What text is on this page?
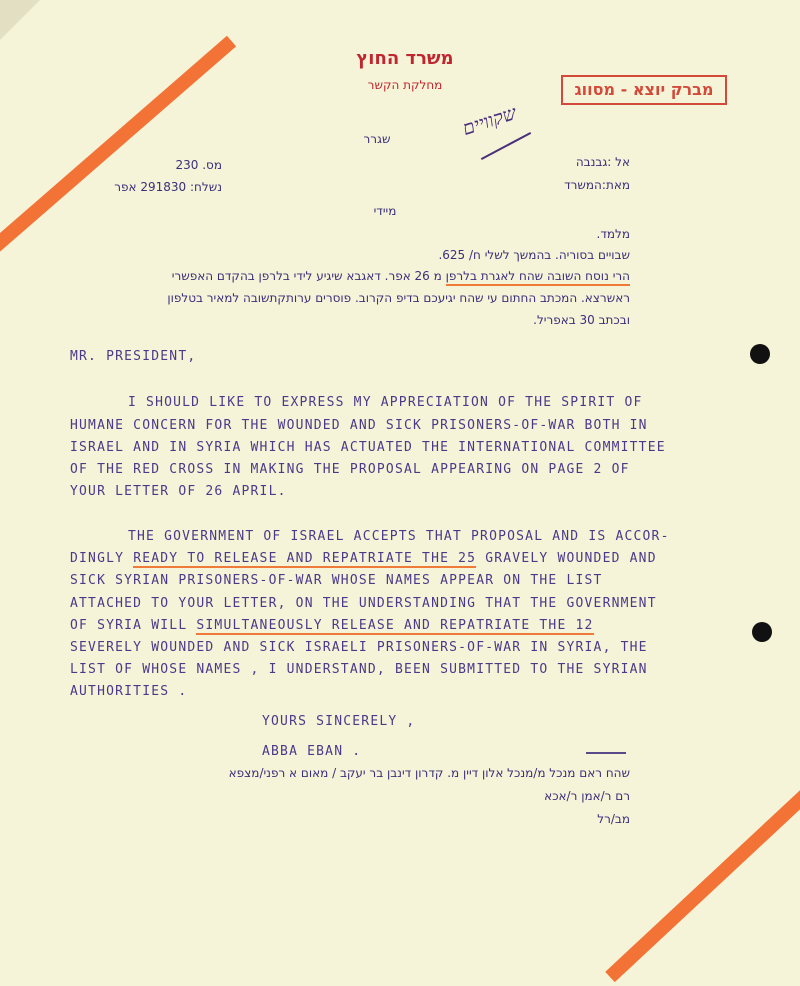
משרד החוץ
מחלקת הקשר	מברק יוצא - מסווג
שקוויים
שגרר
אל :גבנבה
מאת:המשרד
מס. 230
נשלח: 291830 אפר
מיידי
מלמד.
שבויים בסוריה. בהמשך לשלי ח/ 625.
הרי נוסח השובה שהח לאגרת בלרפן מ 26 אפר. דאגבא שיגיע לידי בלרפן בהקדם האפשרי
ראשרצא. המכתב החתום עי שהח יגיעכם בדיפ הקרוב. פוסרים ערותקתשובה למאיר בטלפון
ובכתב 30 באפריל.
MR. PRESIDENT,
I SHOULD LIKE TO EXPRESS MY APPRECIATION OF THE SPIRIT OF
HUMANE CONCERN FOR THE WOUNDED AND SICK PRISONERS-OF-WAR BOTH IN
ISRAEL AND IN SYRIA WHICH HAS ACTUATED THE INTERNATIONAL COMMITTEE
OF THE RED CROSS IN MAKING THE PROPOSAL APPEARING ON PAGE 2 OF
YOUR LETTER OF 26 APRIL.
THE GOVERNMENT OF ISRAEL ACCEPTS THAT PROPOSAL AND IS ACCOR-
DINGLY READY TO RELEASE AND REPATRIATE THE 25 GRAVELY WOUNDED AND
SICK SYRIAN PRISONERS-OF-WAR WHOSE NAMES APPEAR ON THE LIST
ATTACHED TO YOUR LETTER, ON THE UNDERSTANDING THAT THE GOVERNMENT
OF SYRIA WILL SIMULTANEOUSLY RELEASE AND REPATRIATE THE 12
SEVERELY WOUNDED AND SICK ISRAELI PRISONERS-OF-WAR IN SYRIA, THE
LIST OF WHOSE NAMES , I UNDERSTAND, BEEN SUBMITTED TO THE SYRIAN
AUTHORITIES .
YOURS SINCERELY ,
ABBA EBAN .
שהח ראם מנכל מ/מנכל אלון דיין מ. קדרון דינבן בר יעקב / מאום א רפני/מצפא
רם ר/אמן ר/אכא
מב/רל
